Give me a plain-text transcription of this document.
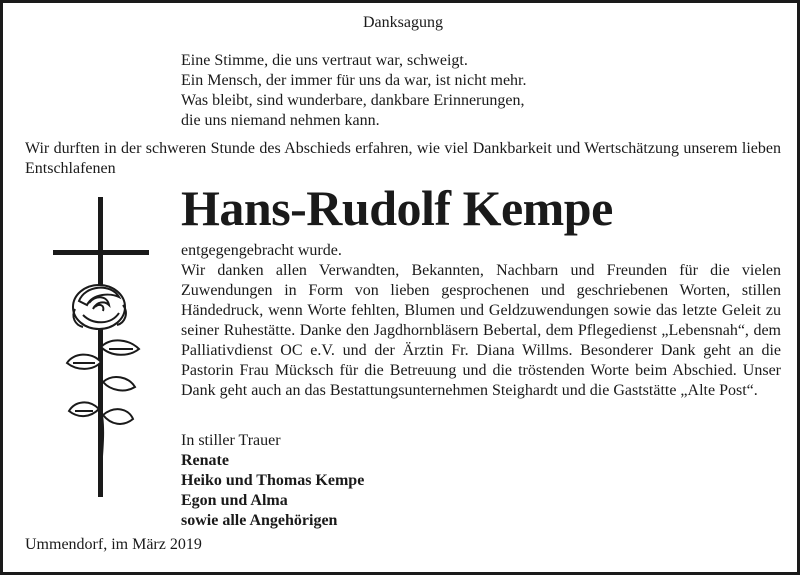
Danksagung
Eine Stimme, die uns vertraut war, schweigt.
Ein Mensch, der immer für uns da war, ist nicht mehr.
Was bleibt, sind wunderbare, dankbare Erinnerungen,
die uns niemand nehmen kann.
Wir durften in der schweren Stunde des Abschieds erfahren, wie viel Dankbarkeit und Wertschätzung unserem lieben Entschlafenen
Hans-Rudolf Kempe
entgegengebracht wurde.
Wir danken allen Verwandten, Bekannten, Nachbarn und Freunden für die vielen Zuwendungen in Form von lieben gesprochenen und geschriebenen Worten, stillen Händedruck, wenn Worte fehlten, Blumen und Geldzuwendungen sowie das letzte Geleit zu seiner Ruhestätte. Danke den Jagdhornbläsern Bebertal, dem Pflegedienst „Lebensnah“, dem Palliativdienst OC e.V. und der Ärztin Fr. Diana Willms. Besonderer Dank geht an die Pastorin Frau Mücksch für die Betreuung und die tröstenden Worte beim Abschied. Unser Dank geht auch an das Bestattungsunternehmen Steighardt und die Gaststätte „Alte Post“.
In stiller Trauer
Renate
Heiko und Thomas Kempe
Egon und Alma
sowie alle Angehörigen
Ummendorf, im März 2019
